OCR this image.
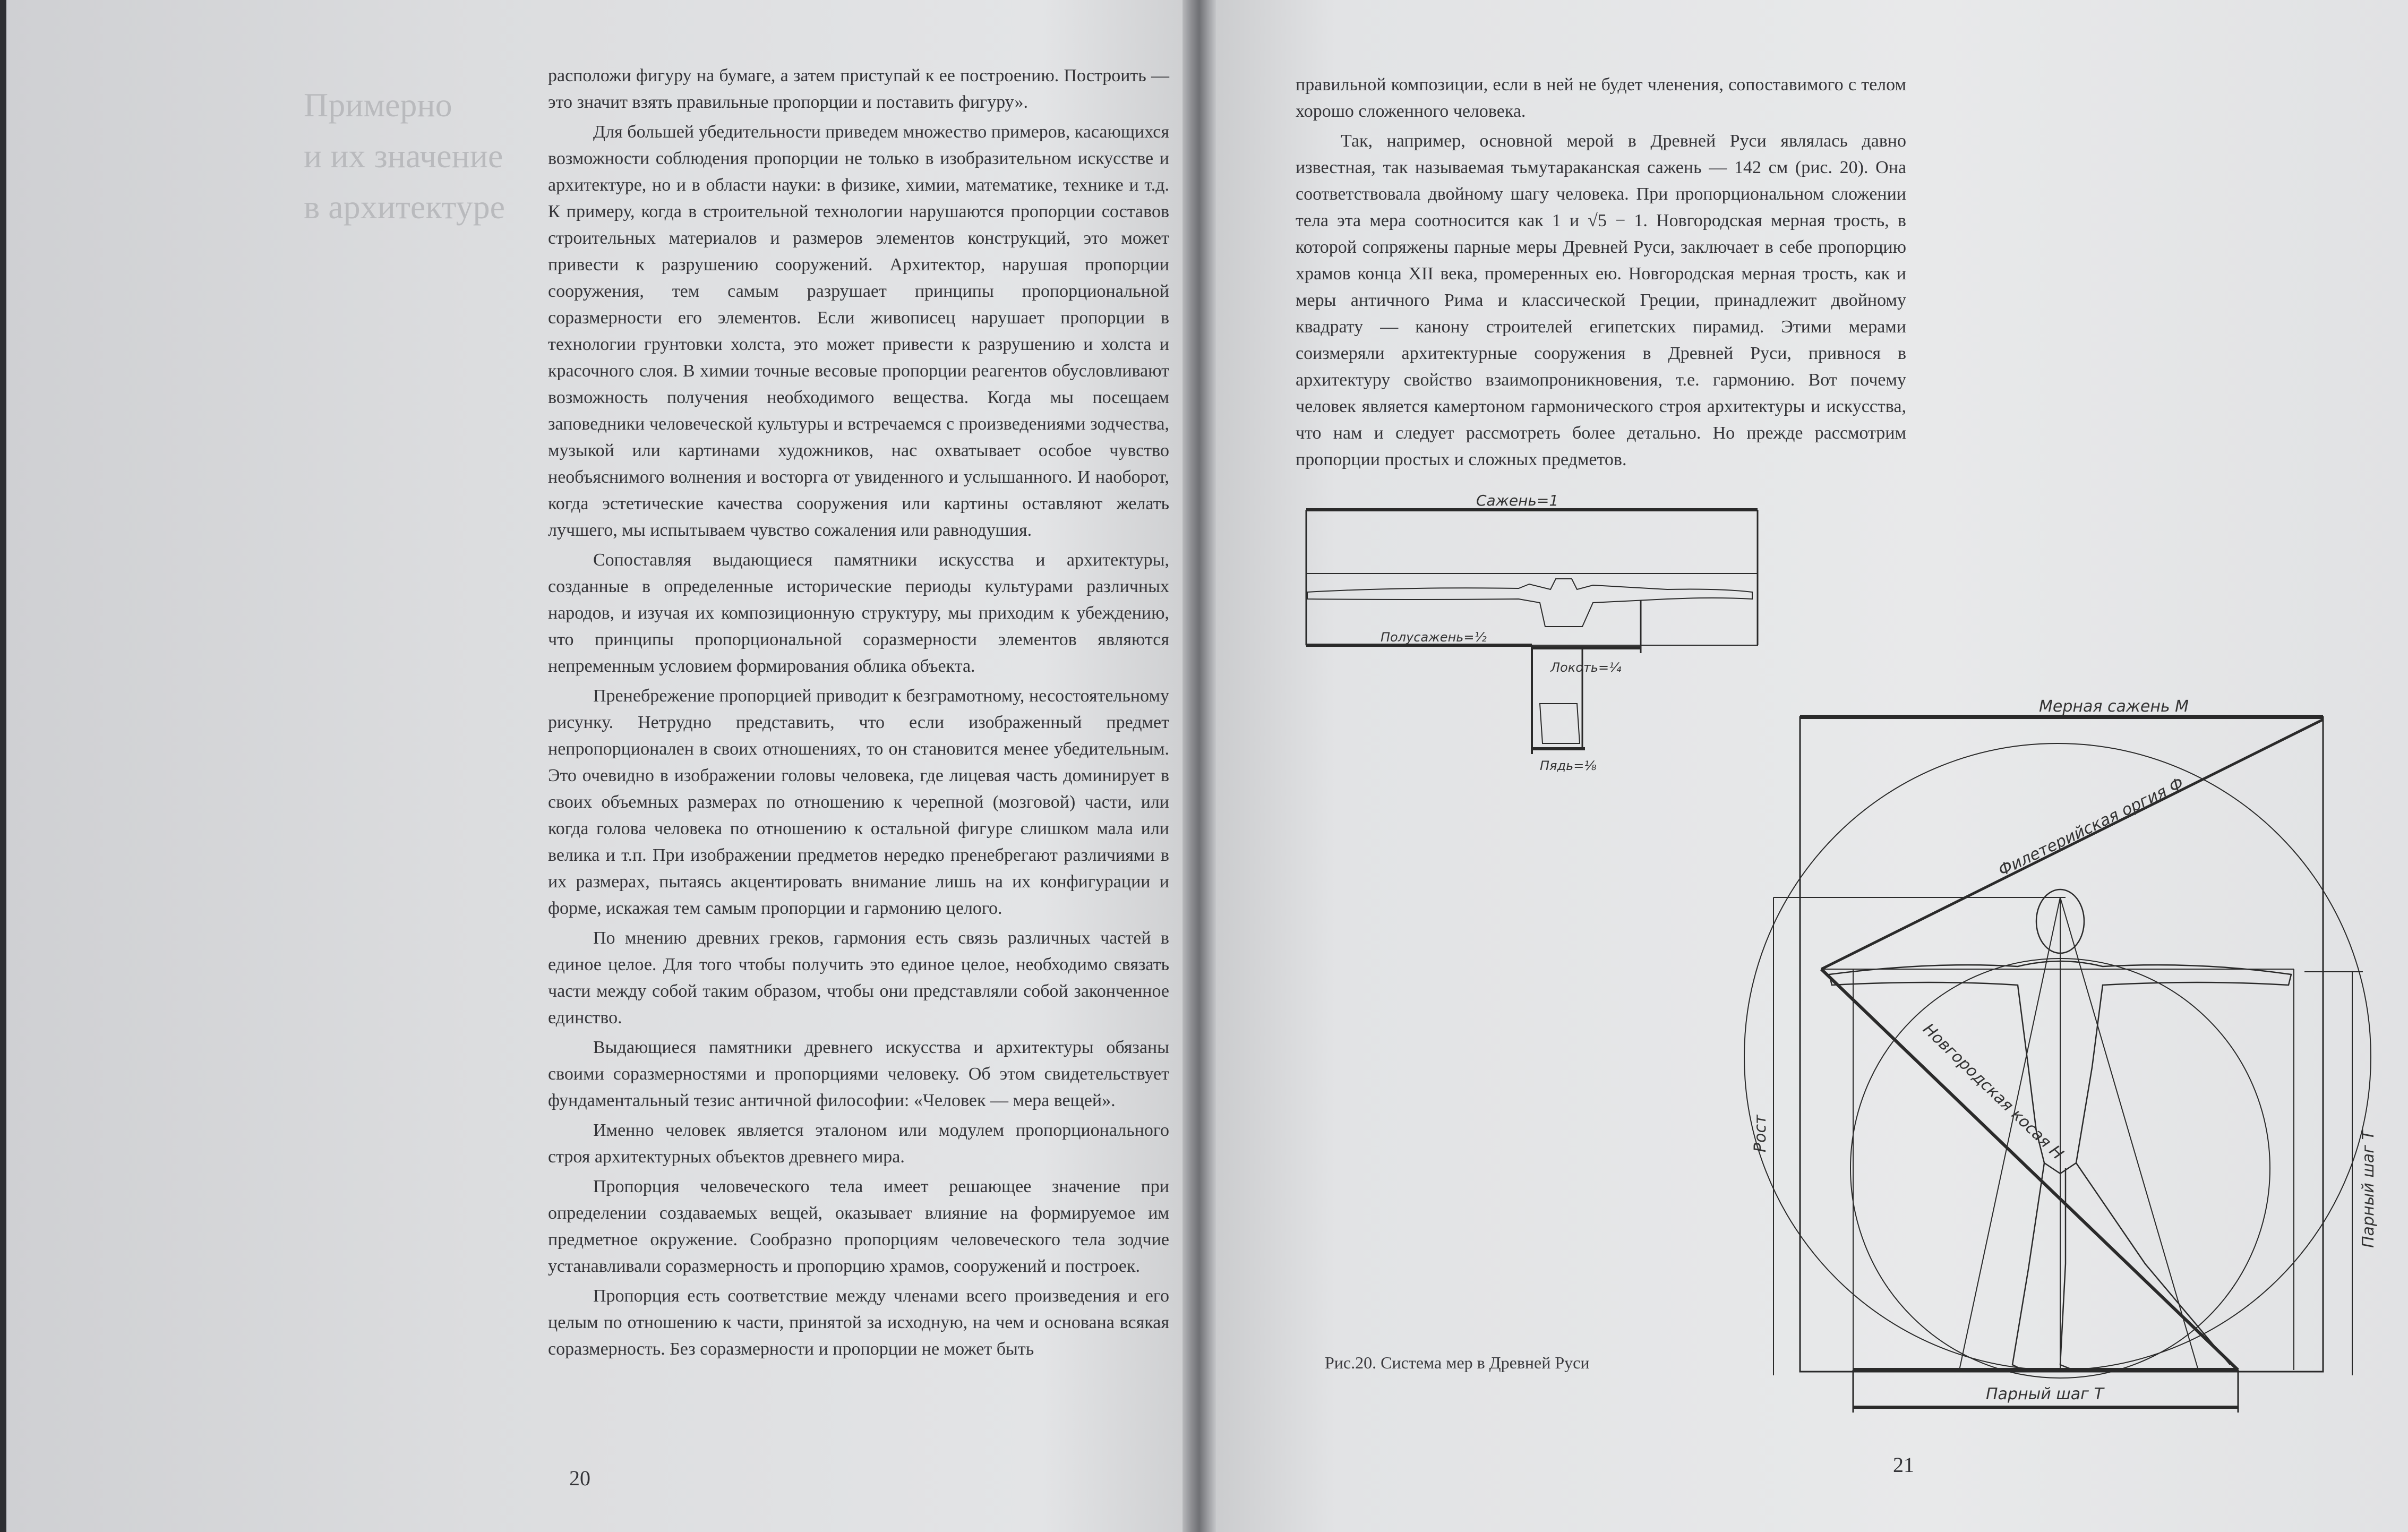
Примерно
и их значение
в архитектуре

расположи фигуру на бумаге, а затем приступай к ее построению. Построить — это значит взять правильные пропорции и поставить фигуру».

Для большей убедительности приведем множество примеров, касающихся возможности соблюдения пропорции не только в изобразительном искусстве и архитектуре, но и в области науки: в физике, химии, математике, технике и т.д. К примеру, когда в строительной технологии нарушаются пропорции составов строительных материалов и размеров элементов конструкций, это может привести к разрушению сооружений. Архитектор, нарушая пропорции сооружения, тем самым разрушает принципы пропорциональной соразмерности его элементов. Если живописец нарушает пропорции в технологии грунтовки холста, это может привести к разрушению и холста и красочного слоя. В химии точные весовые пропорции реагентов обусловливают возможность получения необходимого вещества. Когда мы посещаем заповедники человеческой культуры и встречаемся с произведениями зодчества, музыкой или картинами художников, нас охватывает особое чувство необъяснимого волнения и восторга от увиденного и услышанного. И наоборот, когда эстетические качества сооружения или картины оставляют желать лучшего, мы испытываем чувство сожаления или равнодушия.

Сопоставляя выдающиеся памятники искусства и архитектуры, созданные в определенные исторические периоды культурами различных народов, и изучая их композиционную структуру, мы приходим к убеждению, что принципы пропорциональной соразмерности элементов являются непременным условием формирования облика объекта.

Пренебрежение пропорцией приводит к безграмотному, несостоятельному рисунку. Нетрудно представить, что если изображенный предмет непропорционален в своих отношениях, то он становится менее убедительным. Это очевидно в изображении головы человека, где лицевая часть доминирует в своих объемных размерах по отношению к черепной (мозговой) части, или когда голова человека по отношению к остальной фигуре слишком мала или велика и т.п. При изображении предметов нередко пренебрегают различиями в их размерах, пытаясь акцентировать внимание лишь на их конфигурации и форме, искажая тем самым пропорции и гармонию целого.

По мнению древних греков, гармония есть связь различных частей в единое целое. Для того чтобы получить это единое целое, необходимо связать части между собой таким образом, чтобы они представляли собой законченное единство.

Выдающиеся памятники древнего искусства и архитектуры обязаны своими соразмерностями и пропорциями человеку. Об этом свидетельствует фундаментальный тезис античной философии: «Человек — мера вещей».

Именно человек является эталоном или модулем пропорционального строя архитектурных объектов древнего мира.

Пропорция человеческого тела имеет решающее значение при определении создаваемых вещей, оказывает влияние на формируемое им предметное окружение. Сообразно пропорциям человеческого тела зодчие устанавливали соразмерность и пропорцию храмов, сооружений и построек.

Пропорция есть соответствие между членами всего произведения и его целым по отношению к части, принятой за исходную, на чем и основана всякая соразмерность. Без соразмерности и пропорции не может быть

20

правильной композиции, если в ней не будет членения, сопоставимого с телом хорошо сложенного человека.

Так, например, основной мерой в Древней Руси являлась давно известная, так называемая тьмутараканская сажень — 142 см (рис. 20). Она соответствовала двойному шагу человека. При пропорциональном сложении тела эта мера соотносится как 1 и √5 − 1. Новгородская мерная трость, в которой сопряжены парные меры Древней Руси, заключает в себе пропорцию храмов конца XII века, промеренных ею. Новгородская мерная трость, как и меры античного Рима и классической Греции, принадлежит двойному квадрату — канону строителей египетских пирамид. Этими мерами соизмеряли архитектурные сооружения в Древней Руси, привнося в архитектуру свойство взаимопроникновения, т.е. гармонию. Вот почему человек является камертоном гармонического строя архитектуры и искусства, что нам и следует рассмотреть более детально. Но прежде рассмотрим пропорции простых и сложных предметов.

Сажень=1
Полусажень=½
Локоть=¼
Пядь=⅛
Мерная сажень М
Филетерийская оргия Ф
Новгородская косая Н
Рост	Парный шаг Т
Парный шаг Т
Рис.20. Система мер в Древней Руси
21
